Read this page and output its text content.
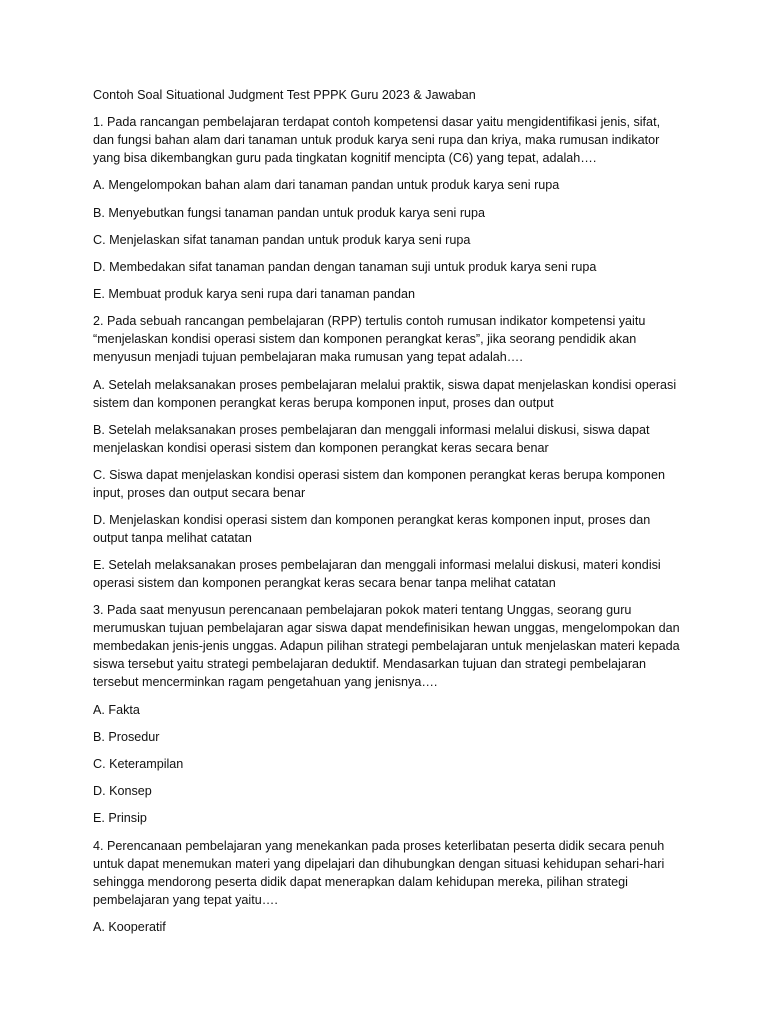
Contoh Soal Situational Judgment Test PPPK Guru 2023 & Jawaban

1. Pada rancangan pembelajaran terdapat contoh kompetensi dasar yaitu mengidentifikasi jenis, sifat, dan fungsi bahan alam dari tanaman untuk produk karya seni rupa dan kriya, maka rumusan indikator yang bisa dikembangkan guru pada tingkatan kognitif mencipta (C6) yang tepat, adalah….

A. Mengelompokan bahan alam dari tanaman pandan untuk produk karya seni rupa

B. Menyebutkan fungsi tanaman pandan untuk produk karya seni rupa

C. Menjelaskan sifat tanaman pandan untuk produk karya seni rupa

D. Membedakan sifat tanaman pandan dengan tanaman suji untuk produk karya seni rupa

E. Membuat produk karya seni rupa dari tanaman pandan

2. Pada sebuah rancangan pembelajaran (RPP) tertulis contoh rumusan indikator kompetensi yaitu “menjelaskan kondisi operasi sistem dan komponen perangkat keras”, jika seorang pendidik akan menyusun menjadi tujuan pembelajaran maka rumusan yang tepat adalah….

A. Setelah melaksanakan proses pembelajaran melalui praktik, siswa dapat menjelaskan kondisi operasi sistem dan komponen perangkat keras berupa komponen input, proses dan output

B. Setelah melaksanakan proses pembelajaran dan menggali informasi melalui diskusi, siswa dapat menjelaskan kondisi operasi sistem dan komponen perangkat keras secara benar

C. Siswa dapat menjelaskan kondisi operasi sistem dan komponen perangkat keras berupa komponen input, proses dan output secara benar

D. Menjelaskan kondisi operasi sistem dan komponen perangkat keras komponen input, proses dan output tanpa melihat catatan

E. Setelah melaksanakan proses pembelajaran dan menggali informasi melalui diskusi, materi kondisi operasi sistem dan komponen perangkat keras secara benar tanpa melihat catatan

3. Pada saat menyusun perencanaan pembelajaran pokok materi tentang Unggas, seorang guru merumuskan tujuan pembelajaran agar siswa dapat mendefinisikan hewan unggas, mengelompokan dan membedakan jenis-jenis unggas. Adapun pilihan strategi pembelajaran untuk menjelaskan materi kepada siswa tersebut yaitu strategi pembelajaran deduktif. Mendasarkan tujuan dan strategi pembelajaran tersebut mencerminkan ragam pengetahuan yang jenisnya….

A. Fakta

B. Prosedur

C. Keterampilan

D. Konsep

E. Prinsip

4. Perencanaan pembelajaran yang menekankan pada proses keterlibatan peserta didik secara penuh untuk dapat menemukan materi yang dipelajari dan dihubungkan dengan situasi kehidupan sehari-hari sehingga mendorong peserta didik dapat menerapkan dalam kehidupan mereka, pilihan strategi pembelajaran yang tepat yaitu….

A. Kooperatif
